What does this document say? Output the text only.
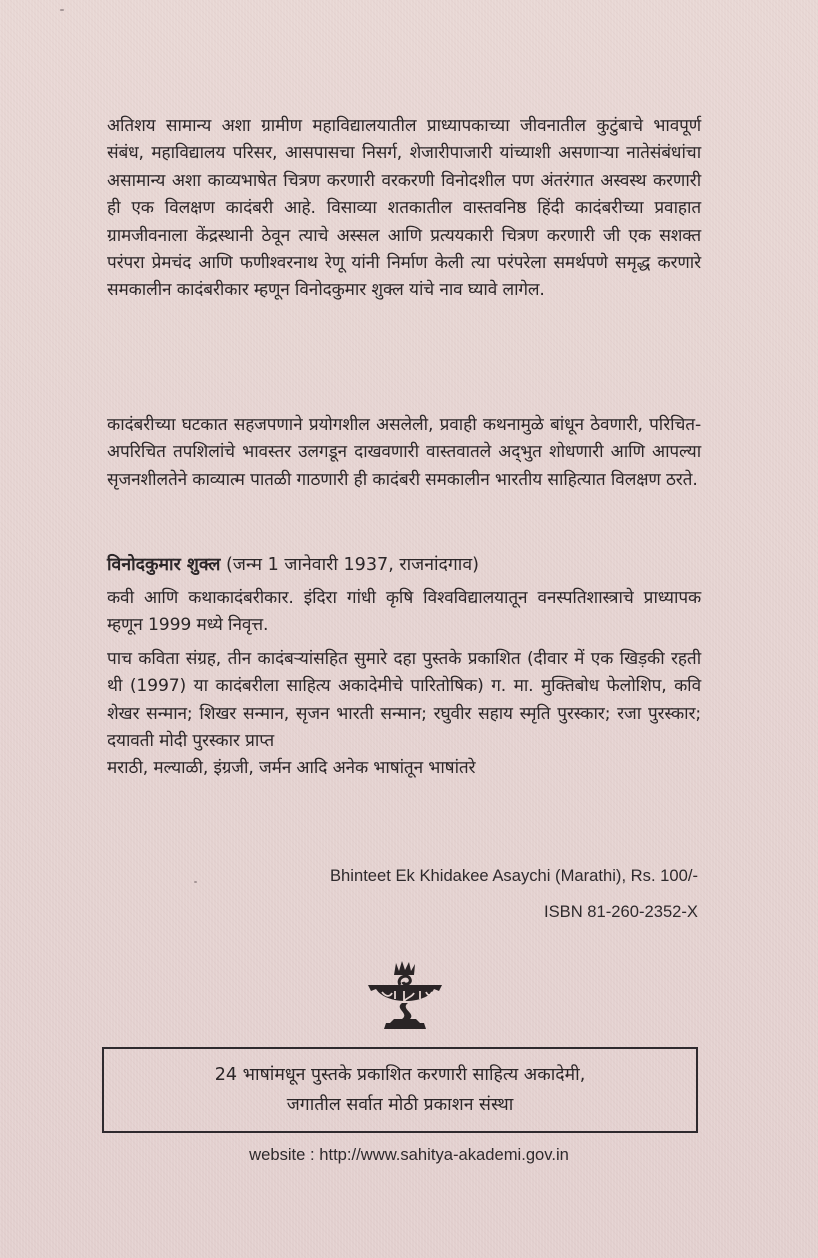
अतिशय सामान्य अशा ग्रामीण महाविद्यालयातील प्राध्यापकाच्या जीवनातील कुटुंबाचे भावपूर्ण संबंध, महाविद्यालय परिसर, आसपासचा निसर्ग, शेजारीपाजारी यांच्याशी असणाऱ्या नातेसंबंधांचा असामान्य अशा काव्यभाषेत चित्रण करणारी वरकरणी विनोदशील पण अंतरंगात अस्वस्थ करणारी ही एक विलक्षण कादंबरी आहे. विसाव्या शतकातील वास्तवनिष्ठ हिंदी कादंबरीच्या प्रवाहात ग्रामजीवनाला केंद्रस्थानी ठेवून त्याचे अस्सल आणि प्रत्ययकारी चित्रण करणारी जी एक सशक्त परंपरा प्रेमचंद आणि फणीश्वरनाथ रेणू यांनी निर्माण केली त्या परंपरेला समर्थपणे समृद्ध करणारे समकालीन कादंबरीकार म्हणून विनोदकुमार शुक्ल यांचे नाव घ्यावे लागेल.

कादंबरीच्या घटकात सहजपणाने प्रयोगशील असलेली, प्रवाही कथनामुळे बांधून ठेवणारी, परिचित-अपरिचित तपशिलांचे भावस्तर उलगडून दाखवणारी वास्तवातले अद्‌भुत शोधणारी आणि आपल्या सृजनशीलतेने काव्यात्म पातळी गाठणारी ही कादंबरी समकालीन भारतीय साहित्यात विलक्षण ठरते.

विनोदकुमार शुक्ल (जन्म 1 जानेवारी 1937, राजनांदगाव)

कवी आणि कथाकादंबरीकार. इंदिरा गांधी कृषि विश्वविद्यालयातून वनस्पतिशास्त्राचे प्राध्यापक म्हणून 1999 मध्ये निवृत्त.

पाच कविता संग्रह, तीन कादंबऱ्यांसहित सुमारे दहा पुस्तके प्रकाशित (दीवार में एक खिड़की रहती थी (1997) या कादंबरीला साहित्य अकादेमीचे पारितोषिक) ग. मा. मुक्तिबोध फेलोशिप, कवि शेखर सन्मान; शिखर सन्मान, सृजन भारती सन्मान; रघुवीर सहाय स्मृति पुरस्कार; रजा पुरस्कार; दयावती मोदी पुरस्कार प्राप्त

मराठी, मल्याळी, इंग्रजी, जर्मन आदि अनेक भाषांतून भाषांतरे

Bhinteet Ek Khidakee Asaychi (Marathi), Rs. 100/-
ISBN 81-260-2352-X
24 भाषांमधून पुस्तके प्रकाशित करणारी साहित्य अकादेमी,
जगातील सर्वात मोठी प्रकाशन संस्था
website : http://www.sahitya-akademi.gov.in
